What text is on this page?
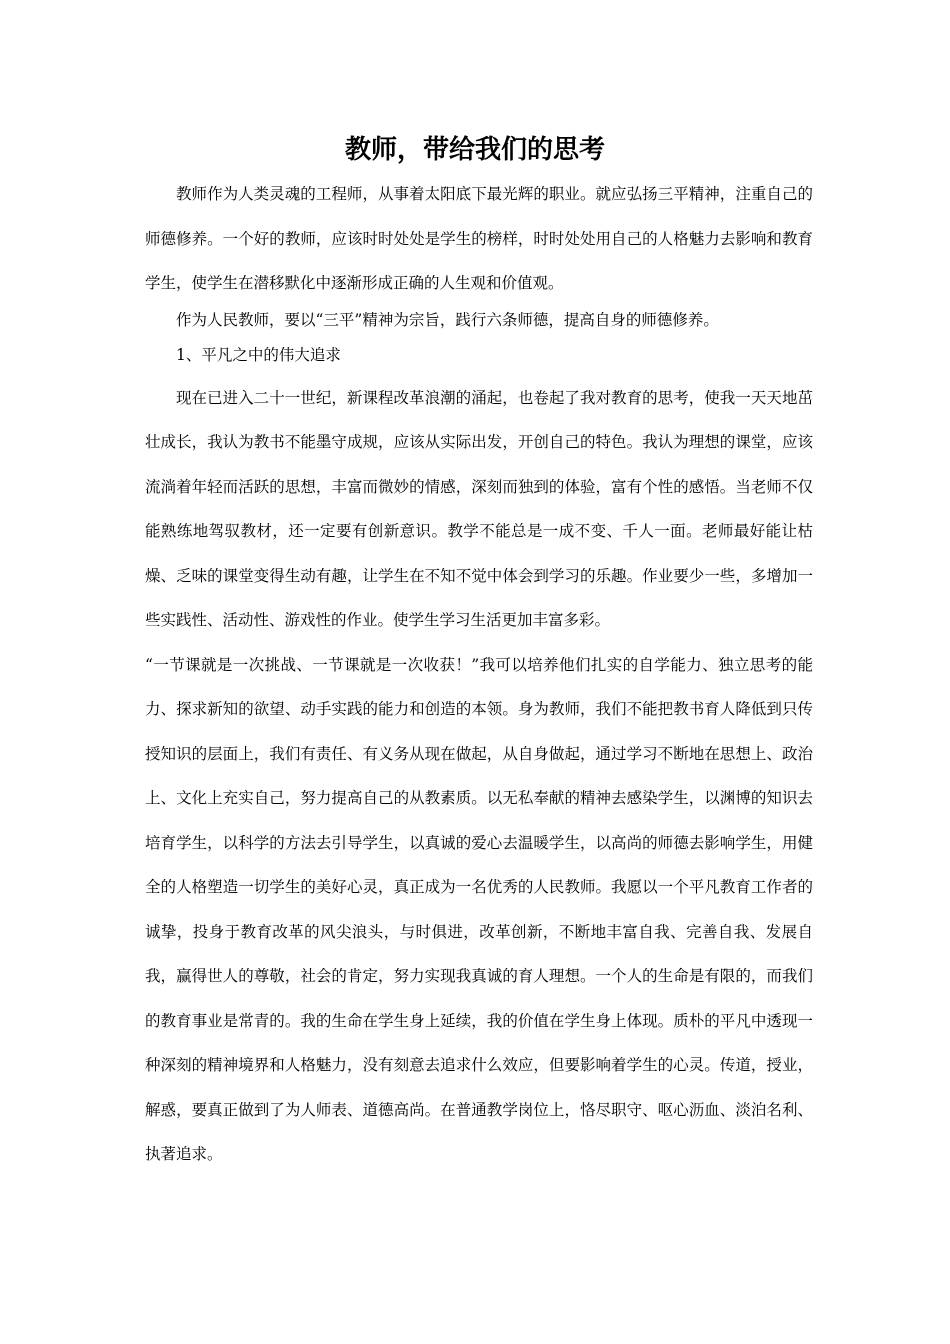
教师，带给我们的思考

教师作为人类灵魂的工程师，从事着太阳底下最光辉的职业。就应弘扬三平精神，注重自己的师德修养。一个好的教师，应该时时处处是学生的榜样，时时处处用自己的人格魅力去影响和教育学生，使学生在潜移默化中逐渐形成正确的人生观和价值观。

作为人民教师，要以“三平”精神为宗旨，践行六条师德，提高自身的师德修养。

1、平凡之中的伟大追求

现在已进入二十一世纪，新课程改革浪潮的涌起，也卷起了我对教育的思考，使我一天天地茁壮成长，我认为教书不能墨守成规，应该从实际出发，开创自己的特色。我认为理想的课堂，应该流淌着年轻而活跃的思想，丰富而微妙的情感，深刻而独到的体验，富有个性的感悟。当老师不仅能熟练地驾驭教材，还一定要有创新意识。教学不能总是一成不变、千人一面。老师最好能让枯燥、乏味的课堂变得生动有趣，让学生在不知不觉中体会到学习的乐趣。作业要少一些，多增加一些实践性、活动性、游戏性的作业。使学生学习生活更加丰富多彩。

“一节课就是一次挑战、一节课就是一次收获！”我可以培养他们扎实的自学能力、独立思考的能力、探求新知的欲望、动手实践的能力和创造的本领。身为教师，我们不能把教书育人降低到只传授知识的层面上，我们有责任、有义务从现在做起，从自身做起，通过学习不断地在思想上、政治上、文化上充实自己，努力提高自己的从教素质。以无私奉献的精神去感染学生，以渊博的知识去培育学生，以科学的方法去引导学生，以真诚的爱心去温暖学生，以高尚的师德去影响学生，用健全的人格塑造一切学生的美好心灵，真正成为一名优秀的人民教师。我愿以一个平凡教育工作者的诚挚，投身于教育改革的风尖浪头，与时俱进，改革创新，不断地丰富自我、完善自我、发展自我，赢得世人的尊敬，社会的肯定，努力实现我真诚的育人理想。一个人的生命是有限的，而我们的教育事业是常青的。我的生命在学生身上延续，我的价值在学生身上体现。质朴的平凡中透现一种深刻的精神境界和人格魅力，没有刻意去追求什么效应，但要影响着学生的心灵。传道，授业，解惑，要真正做到了为人师表、道德高尚。在普通教学岗位上，恪尽职守、呕心沥血、淡泊名利、执著追求。
